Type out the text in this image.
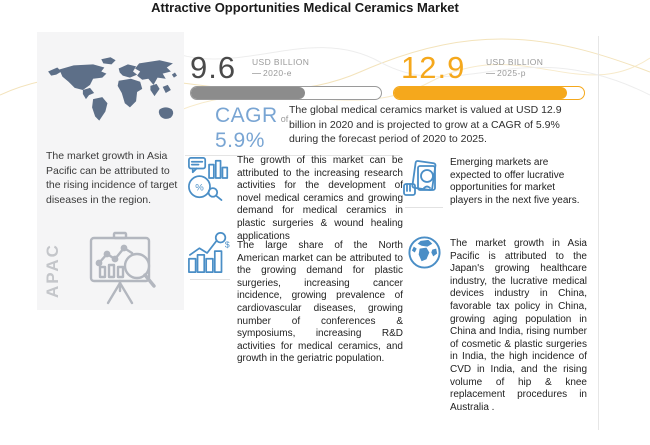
Attractive Opportunities Medical Ceramics Market
The market growth in Asia Pacific can be attributed to the rising incidence of target diseases in the region.
APAC
9.6 USD BILLION
2020-e	12.9 USD BILLION
2025-p
CAGR of
5.9%
The global medical ceramics market is valued at USD 12.9 billion in 2020 and is projected to grow at a CAGR of 5.9% during the forecast period of 2020 to 2025.
%
The growth of this market can be attributed to the increasing research activities for the development of novel medical ceramics and growing demand for medical ceramics in plastic surgeries & wound healing applications
$ The large share of the North American market can be attributed to the growing demand for plastic surgeries, increasing cancer incidence, growing prevalence of cardiovascular diseases, growing number of conferences & symposiums, increasing R&D activities for medical ceramics, and growth in the geriatric population.
Emerging markets are expected to offer lucrative opportunities for market players in the next five years.
The market growth in Asia Pacific is attributed to the Japan's growing healthcare industry, the lucrative medical devices industry in China, favorable tax policy in China, growing aging population in China and India, rising number of cosmetic & plastic surgeries in India, the high incidence of CVD in India, and the rising volume of hip & knee replacement procedures in Australia .
